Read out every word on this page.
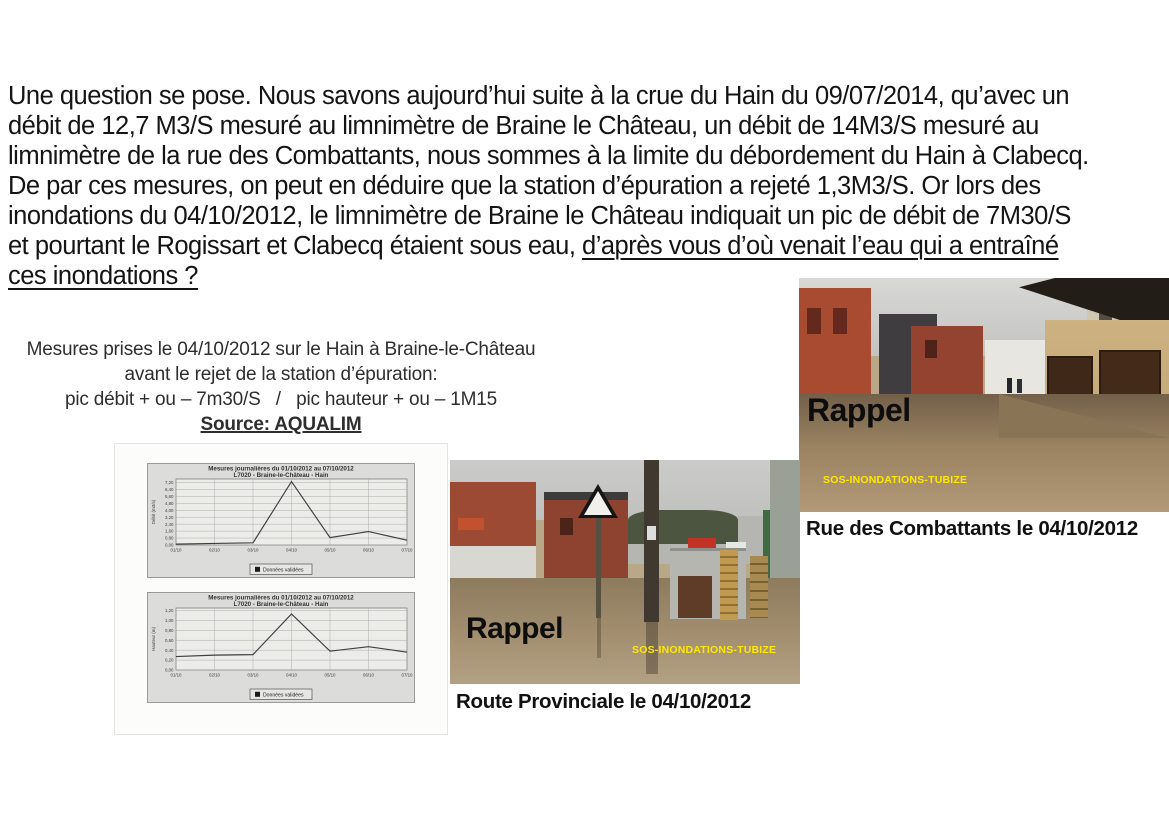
Une question se pose. Nous savons aujourd’hui suite à la crue du Hain du 09/07/2014, qu’avec un
débit de 12,7 M3/S mesuré au limnimètre de Braine le Château, un débit de 14M3/S mesuré au
limnimètre de la rue des Combattants, nous sommes à la limite du débordement du Hain à Clabecq.
De par ces mesures, on peut en déduire que la station d’épuration a rejeté 1,3M3/S. Or lors des
inondations du 04/10/2012, le limnimètre de Braine le Château indiquait un pic de débit de 7M30/S
et pourtant le Rogissart et Clabecq étaient sous eau, d’après vous d’où venait l’eau qui a entraîné
ces inondations ?
Mesures prises le 04/10/2012 sur le Hain à Braine-le-Château
avant le rejet de la station d’épuration:
pic débit + ou – 7m30/S   /   pic hauteur + ou – 1M15
Source: AQUALIM
0,00
0,80
1,60
2,40
3,20
4,00
4,80
5,60
6,40
7,20
01/10	02/10	03/10	04/10	05/10	06/10	07/10
Mesures journalières du 01/10/2012 au 07/10/2012
L7020 - Braine-le-Château - Hain
Débit (m3/s)
Données validées
0,00
0,20
0,40
0,60
0,80
1,00
1,20
01/10	02/10	03/10	04/10	05/10	06/10	07/10
Mesures journalières du 01/10/2012 au 07/10/2012
L7020 - Braine-le-Château - Hain
Hauteur (m)
Données validées
Rappel
SOS-INONDATIONS-TUBIZE
Rue des Combattants le 04/10/2012
Rappel
SOS-INONDATIONS-TUBIZE
Route Provinciale le 04/10/2012
